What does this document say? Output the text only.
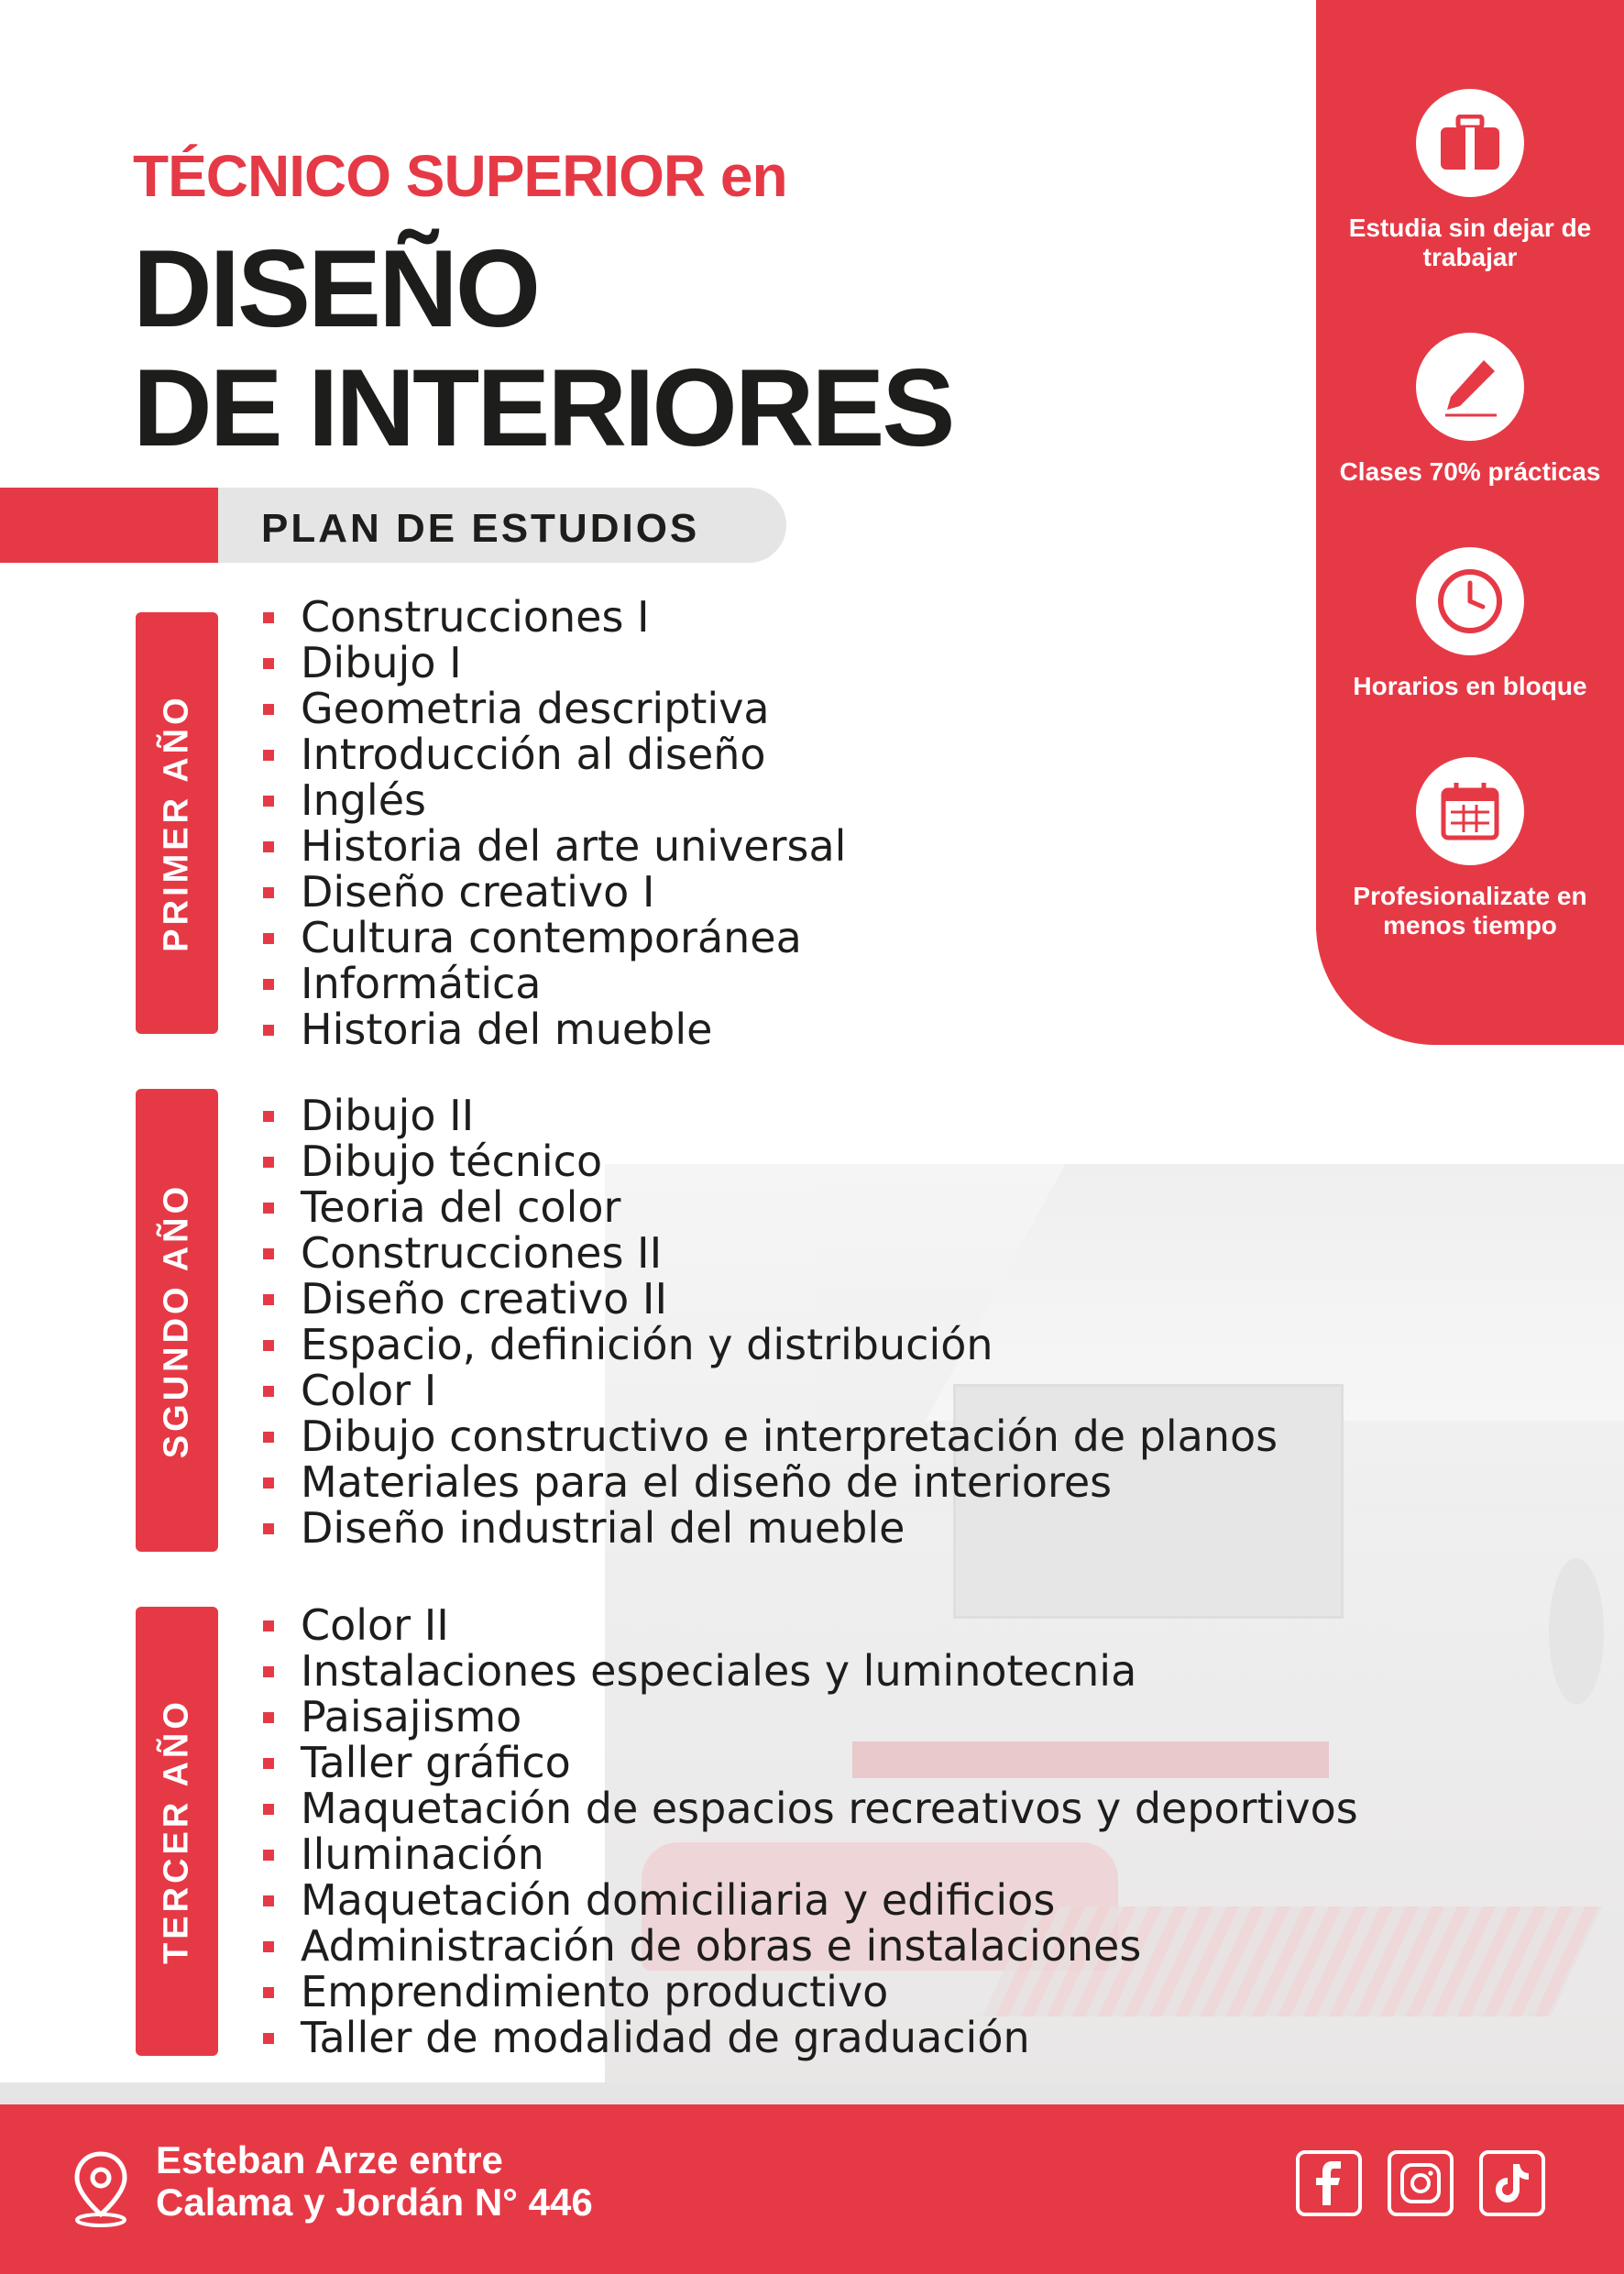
TÉCNICO SUPERIOR en
DISEÑO
DE INTERIORES
PLAN DE ESTUDIOS
PRIMER AÑO
Construcciones I
Dibujo I
Geometria descriptiva
Introducción al diseño
Inglés
Historia del arte universal
Diseño creativo I
Cultura contemporánea
Informática
Historia del mueble
SGUNDO AÑO
Dibujo II
Dibujo técnico
Teoria del color
Construcciones II
Diseño creativo II
Espacio, definición y distribución
Color I
Dibujo constructivo e interpretación de planos
Materiales para el diseño de interiores
Diseño industrial del mueble
TERCER AÑO
Color II
Instalaciones especiales y luminotecnia
Paisajismo
Taller gráfico
Maquetación de espacios recreativos y deportivos
Iluminación
Maquetación domiciliaria y edificios
Administración de obras e instalaciones
Emprendimiento productivo
Taller de modalidad de graduación
Estudia sin dejar de trabajar
Clases 70% prácticas
Horarios en bloque
Profesionalizate en menos tiempo
Esteban Arze entre
Calama y Jordán N° 446
